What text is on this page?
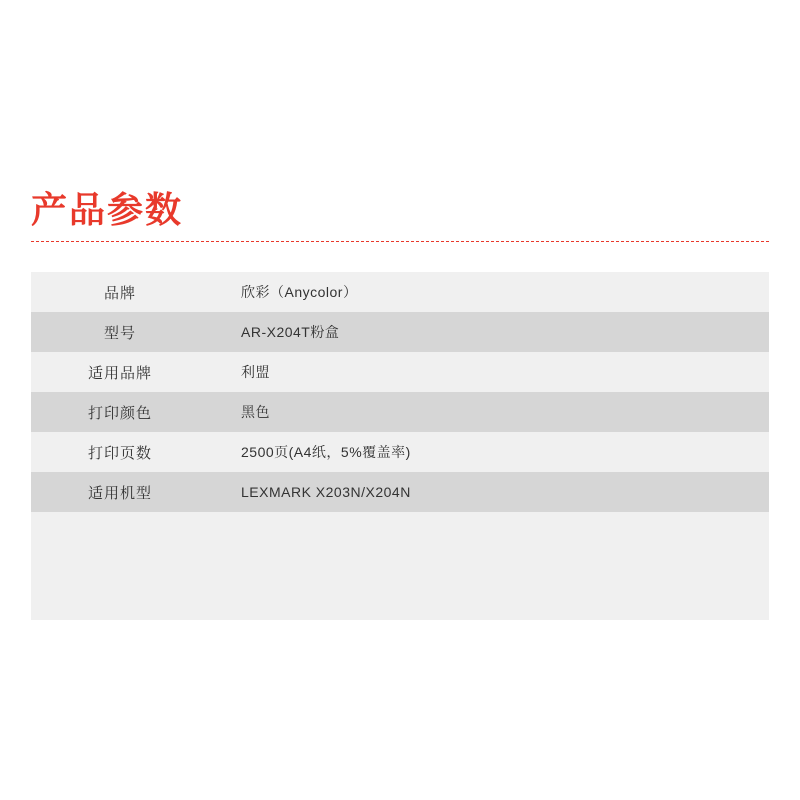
产品参数
品牌	欣彩（Anycolor）
型号	AR-X204T粉盒
适用品牌	利盟
打印颜色	黑色
打印页数	2500页(A4纸，5%覆盖率)
适用机型	LEXMARK X203N/X204N
